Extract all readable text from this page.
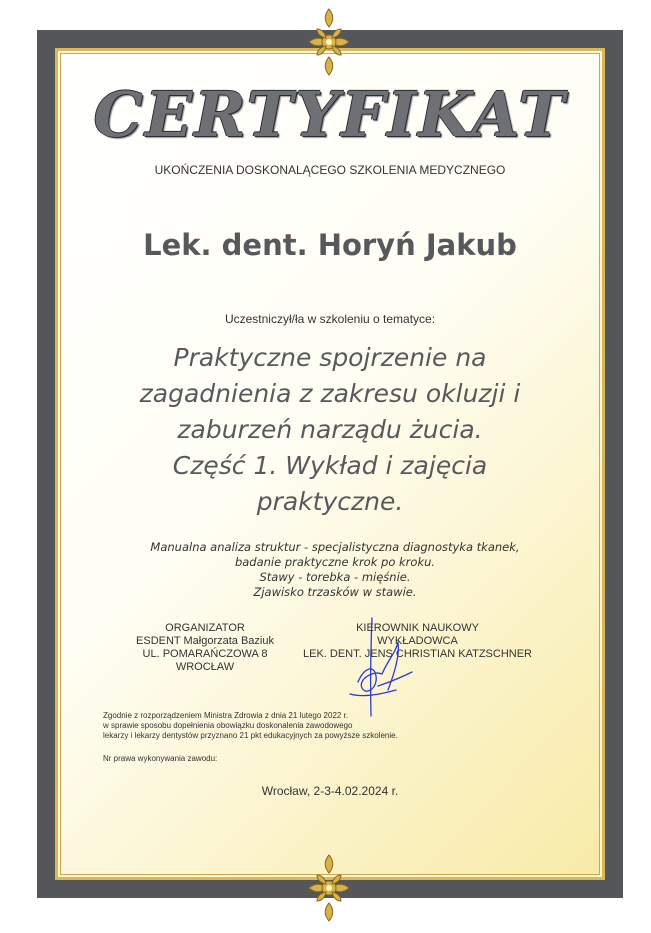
CERTYFIKAT
UKOŃCZENIA DOSKONALĄCEGO SZKOLENIA MEDYCZNEGO
Lek. dent. Horyń Jakub
Uczestniczył/ła w szkoleniu o tematyce:
Praktyczne spojrzenie na
zagadnienia z zakresu okluzji i
zaburzeń narządu żucia.
Część 1. Wykład i zajęcia
praktyczne.
Manualna analiza struktur - specjalistyczna diagnostyka tkanek,
badanie praktyczne krok po kroku.
Stawy - torebka - mięśnie.
Zjawisko trzasków w stawie.
ORGANIZATOR
ESDENT Małgorzata Baziuk
UL. POMARAŃCZOWA 8
WROCŁAW
KIEROWNIK NAUKOWY
WYKŁADOWCA
LEK. DENT. JENS CHRISTIAN KATZSCHNER
Zgodnie z rozporządzeniem Ministra Zdrowia z dnia 21 lutego 2022 r.
w sprawie sposobu dopełnienia obowiązku doskonalenia zawodowego
lekarzy i lekarzy dentystów przyznano 21 pkt edukacyjnych za powyższe szkolenie.
Nr prawa wykonywania zawodu:
Wrocław, 2-3-4.02.2024 r.
